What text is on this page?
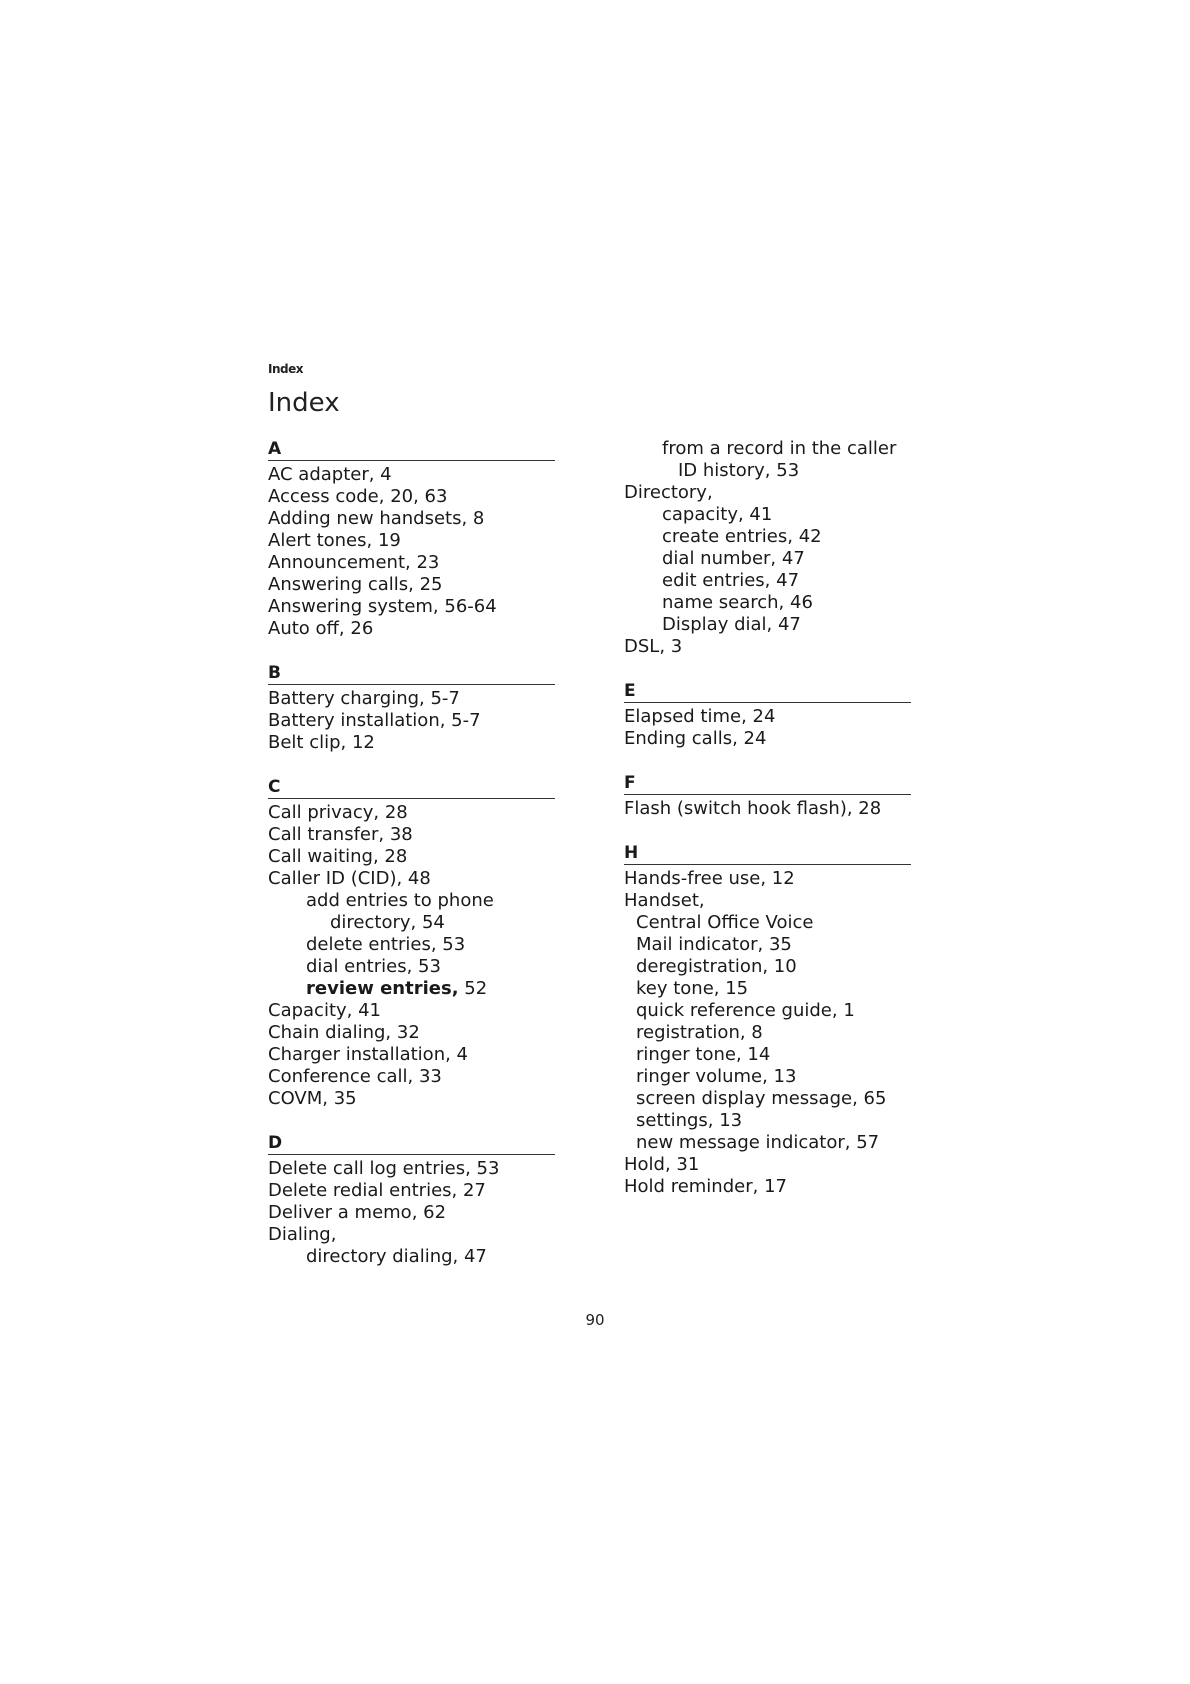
Index
Index
A
AC adapter, 4
Access code, 20, 63
Adding new handsets, 8
Alert tones, 19
Announcement, 23
Answering calls, 25
Answering system, 56-64
Auto off, 26
B
Battery charging, 5-7
Battery installation, 5-7
Belt clip, 12
C
Call privacy, 28
Call transfer, 38
Call waiting, 28
Caller ID (CID), 48
add entries to phone
directory, 54
delete entries, 53
dial entries, 53
review entries, 52
Capacity, 41
Chain dialing, 32
Charger installation, 4
Conference call, 33
COVM, 35
D
Delete call log entries, 53
Delete redial entries, 27
Deliver a memo, 62
Dialing,
directory dialing, 47
from a record in the caller
ID history, 53
Directory,
capacity, 41
create entries, 42
dial number, 47
edit entries, 47
name search, 46
Display dial, 47
DSL, 3
E
Elapsed time, 24
Ending calls, 24
F
Flash (switch hook flash), 28
H
Hands-free use, 12
Handset,
Central Office Voice
Mail indicator, 35
deregistration, 10
key tone, 15
quick reference guide, 1
registration, 8
ringer tone, 14
ringer volume, 13
screen display message, 65
settings, 13
new message indicator, 57
Hold, 31
Hold reminder, 17
90
